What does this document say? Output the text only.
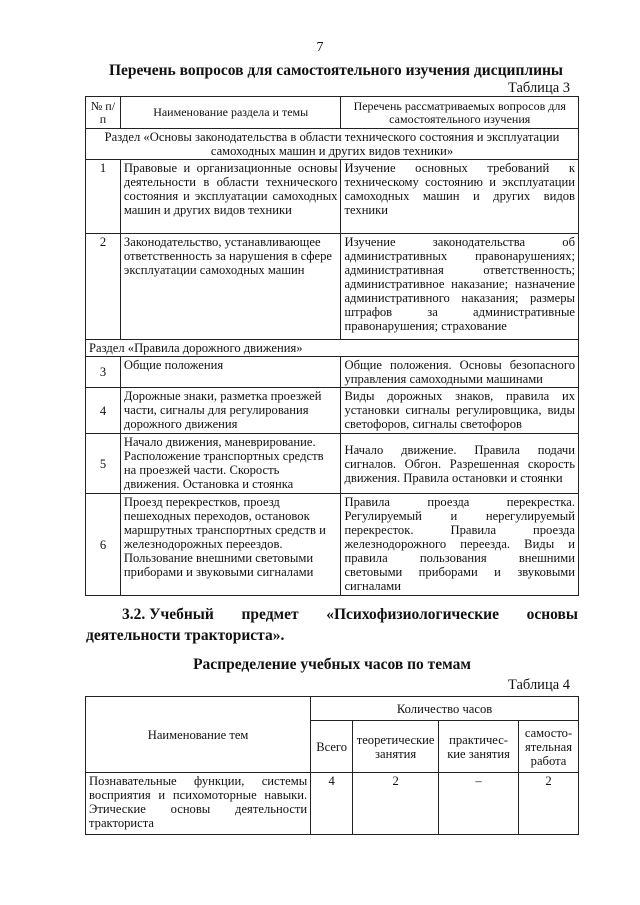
7
Перечень вопросов для самостоятельного изучения дисциплины
Таблица 3
№ п/п	Наименование раздела и темы	Перечень рассматриваемых вопросов для самостоятельного изучения
Раздел «Основы законодательства в области технического состояния и эксплуатации самоходных машин и других видов техники»		
1	Правовые и организационные основы деятельности в области технического состояния и эксплуатации самоходных машин и других видов техники	Изучение основных требований к техническому состоянию и эксплуатации самоходных машин и других видов техники
2	Законодательство, устанавливающее ответственность за нарушения в сфере эксплуатации самоходных машин	Изучение законодательства об административных правонарушениях; административная ответственность; административное наказание; назначение административного наказания; размеры штрафов за административные правонарушения; страхование
Раздел «Правила дорожного движения»		
3	Общие положения	Общие положения. Основы безопасного управления самоходными машинами
4	Дорожные знаки, разметка проезжей части, сигналы для регулирования дорожного движения	Виды дорожных знаков, правила их установки сигналы регулировщика, виды светофоров, сигналы светофоров
5	Начало движения, маневрирование. Расположение транспортных средств на проезжей части. Скорость движения. Остановка и стоянка	Начало движение. Правила подачи сигналов. Обгон. Разрешенная скорость движения. Правила остановки и стоянки
6	Проезд перекрестков, проезд пешеходных переходов, остановок маршрутных транспортных средств и железнодорожных переездов. Пользование внешними световыми приборами и звуковыми сигналами	Правила проезда перекрестка. Регулируемый и нерегулируемый перекресток. Правила проезда железнодорожного переезда. Виды и правила пользования внешними световыми приборами и звуковыми сигналами
3.2. Учебный предмет «Психофизиологические основы
деятельности тракториста».
Распределение учебных часов по темам
Таблица 4
Наименование тем	Количество часов			
	Всего	теоретические занятия	практичес-кие занятия	самосто-ятельная работа
Познавательные функции, системы восприятия и психомоторные навыки. Этические основы деятельности тракториста	4	2	–	2
